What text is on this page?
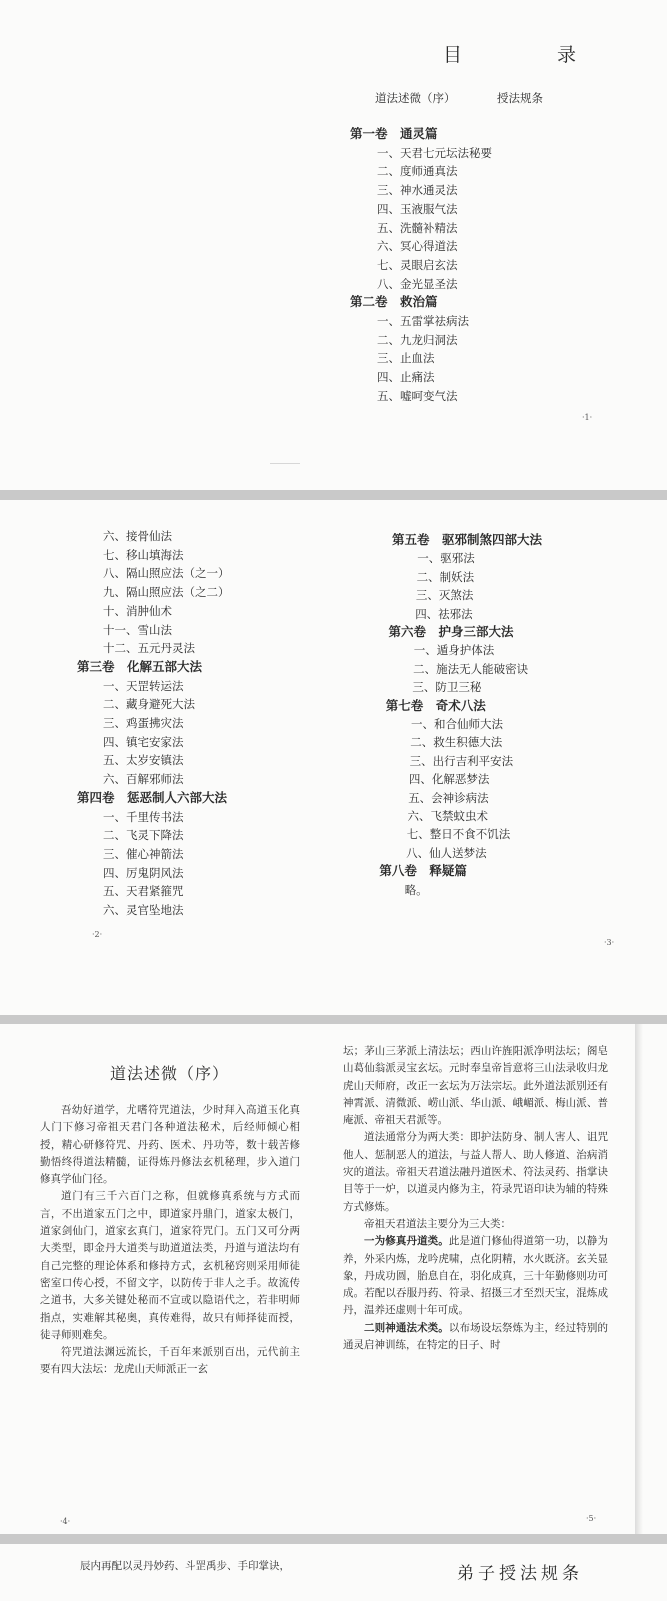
目　录
道法述微（序）	授法规条
第一卷　通灵篇
一、天君七元坛法秘要
二、度师通真法
三、神水通灵法
四、玉液服气法
五、洗髓补精法
六、冥心得道法
七、灵眼启玄法
八、金光显圣法
第二卷　救治篇
一、五雷掌祛病法
二、九龙归洞法
三、止血法
四、止痛法
五、嘘呵变气法
·1·
六、接骨仙法
七、移山填海法
八、隔山照应法（之一）
九、隔山照应法（之二）
十、消肿仙术
十一、雪山法
十二、五元丹灵法
第三卷　化解五部大法
一、天罡转运法
二、藏身避死大法
三、鸡蛋拂灾法
四、镇宅安家法
五、太岁安镇法
六、百解邪师法
第四卷　惩恶制人六部大法
一、千里传书法
二、飞灵下降法
三、催心神箭法
四、厉鬼阴风法
五、天君紧箍咒
六、灵官坠地法
第五卷　驱邪制煞四部大法
一、驱邪法
二、制妖法
三、灭煞法
四、祛邪法
第六卷　护身三部大法
一、遁身护体法
二、施法无人能破密诀
三、防卫三秘
第七卷　奇术八法
一、和合仙师大法
二、救生积德大法
三、出行吉利平安法
四、化解恶梦法
五、会神诊病法
六、飞禁蚊虫术
七、整日不食不饥法
八、仙人送梦法
第八卷　释疑篇
略。
·2·
·3·
道法述微（序）

吾幼好道学，尤嗜符咒道法，少时拜入高道玉化真人门下修习帝祖天君门各种道法秘术，后经师倾心相授，精心研修符咒、丹药、医术、丹功等，数十载苦修勤悟终得道法精髓，证得炼丹修法玄机秘理，步入道门修真学仙门径。

道门有三千六百门之称，但就修真系统与方式而言，不出道家五门之中，即道家丹鼎门，道家太极门，道家剑仙门，道家玄真门，道家符咒门。五门又可分两大类型，即金丹大道类与助道道法类，丹道与道法均有自己完整的理论体系和修持方式，玄机秘窍则采用师徒密室口传心授，不留文字，以防传于非人之手。故流传之道书，大多关键处秘而不宣或以隐语代之，若非明师指点，实难解其秘奥，真传难得，故只有师择徒而授，徒寻师则难矣。

符咒道法渊远流长，千百年来派别百出，元代前主要有四大法坛：龙虎山天师派正一玄

坛；茅山三茅派上清法坛；西山许旌阳派净明法坛；阁皂山葛仙翁派灵宝玄坛。元时奉皇帝旨意将三山法录收归龙虎山天师府，改正一玄坛为万法宗坛。此外道法派别还有神霄派、清微派、崂山派、华山派、峨嵋派、梅山派、普庵派、帝祖天君派等。

道法通常分为两大类：即护法防身、制人害人、诅咒他人、惩制恶人的道法，与益人帮人、助人修道、治病消灾的道法。帝祖天君道法融丹道医术、符法灵药、指掌诀目等于一炉，以道灵内修为主，符录咒语印诀为辅的特殊方式修炼。

帝祖天君道法主要分为三大类：

一为修真丹道类。此是道门修仙得道第一功，以静为养，外采内炼，龙吟虎啸，点化阴精，水火既济。玄关显象，丹成功圆，胎息自在，羽化成真，三十年勤修则功可成。若配以吞服丹药、符录、招摄三才至烈天宝，混炼成丹，温养还虚则十年可成。

二则神通法术类。以布场设坛祭炼为主，经过特别的通灵启神训练，在特定的日子、时

·4·	·5·
辰内再配以灵丹妙药、斗罡禹步、手印掌诀，	弟子授法规条
